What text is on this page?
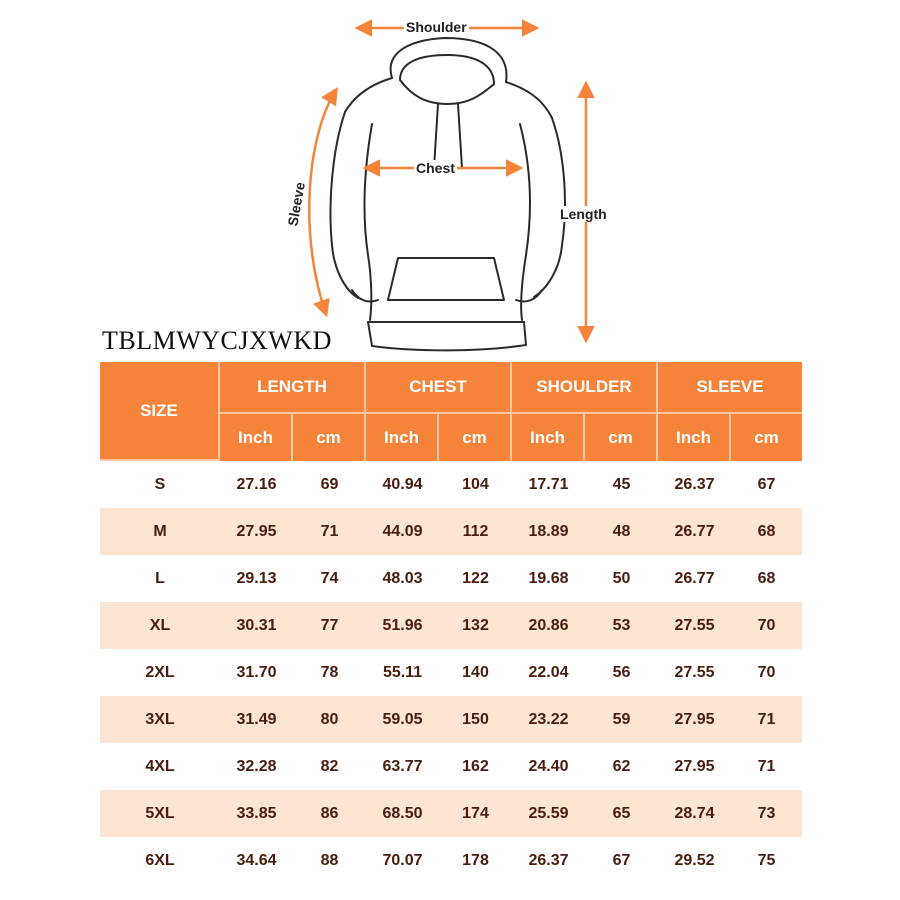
Shoulder
Chest
Length
Sleeve
TBLMWYCJXWKD
SIZE	LENGTH		CHEST		SHOULDER		SLEEVE	
	Inch	cm	Inch	cm	Inch	cm	Inch	cm
S	27.16	69	40.94	104	17.71	45	26.37	67
M	27.95	71	44.09	112	18.89	48	26.77	68
L	29.13	74	48.03	122	19.68	50	26.77	68
XL	30.31	77	51.96	132	20.86	53	27.55	70
2XL	31.70	78	55.11	140	22.04	56	27.55	70
3XL	31.49	80	59.05	150	23.22	59	27.95	71
4XL	32.28	82	63.77	162	24.40	62	27.95	71
5XL	33.85	86	68.50	174	25.59	65	28.74	73
6XL	34.64	88	70.07	178	26.37	67	29.52	75
